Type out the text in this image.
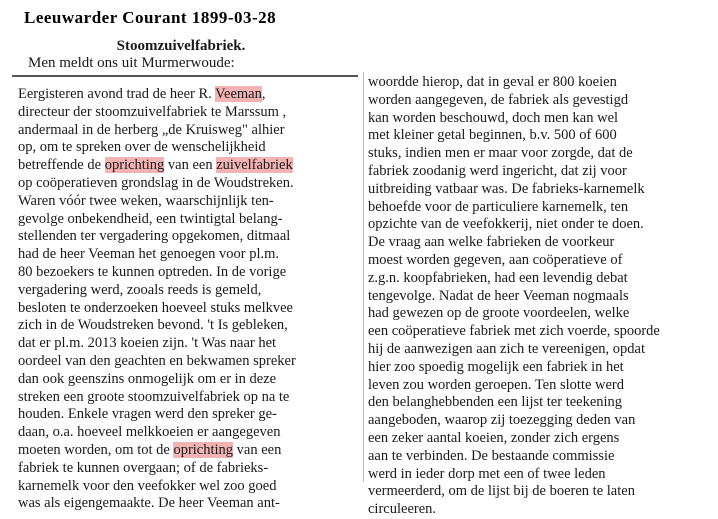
Leeuwarder Courant 1899-03-28
Stoomzuivelfabriek.
Men meldt ons uit Murmerwoude:
Eergisteren avond trad de heer R. Veeman,
directeur der stoomzuivelfabriek te Marssum ,
andermaal in de herberg „de Kruisweg" alhier
op, om te spreken over de wenschelijkheid
betreffende de oprichting van een zuivelfabriek
op coöperatieven grondslag in de Woudstreken.
Waren vóór twee weken, waarschijnlijk ten-
gevolge onbekendheid, een twintigtal belang-
stellenden ter vergadering opgekomen, ditmaal
had de heer Veeman het genoegen voor pl.m.
80 bezoekers te kunnen optreden. In de vorige
vergadering werd, zooals reeds is gemeld,
besloten te onderzoeken hoeveel stuks melkvee
zich in de Woudstreken bevond. 't Is gebleken,
dat er pl.m. 2013 koeien zijn. 't Was naar het
oordeel van den geachten en bekwamen spreker
dan ook geenszins onmogelijk om er in deze
streken een groote stoomzuivelfabriek op na te
houden. Enkele vragen werd den spreker ge-
daan, o.a. hoeveel melkkoeien er aangegeven
moeten worden, om tot de oprichting van een
fabriek te kunnen overgaan; of de fabrieks-
karnemelk voor den veefokker wel zoo goed
was als eigengemaakte. De heer Veeman ant-
woordde hierop, dat in geval er 800 koeien
worden aangegeven, de fabriek als gevestigd
kan worden beschouwd, doch men kan wel
met kleiner getal beginnen, b.v. 500 of 600
stuks, indien men er maar voor zorgde, dat de
fabriek zoodanig werd ingericht, dat zij voor
uitbreiding vatbaar was. De fabrieks-karnemelk
behoefde voor de particuliere karnemelk, ten
opzichte van de veefokkerij, niet onder te doen.
De vraag aan welke fabrieken de voorkeur
moest worden gegeven, aan coöperatieve of
z.g.n. koopfabrieken, had een levendig debat
tengevolge. Nadat de heer Veeman nogmaals
had gewezen op de groote voordeelen, welke
een coöperatieve fabriek met zich voerde, spoorde
hij de aanwezigen aan zich te vereenigen, opdat
hier zoo spoedig mogelijk een fabriek in het
leven zou worden geroepen. Ten slotte werd
den belanghebbenden een lijst ter teekening
aangeboden, waarop zij toezegging deden van
een zeker aantal koeien, zonder zich ergens
aan te verbinden. De bestaande commissie
werd in ieder dorp met een of twee leden
vermeerderd, om de lijst bij de boeren te laten
circuleeren.
